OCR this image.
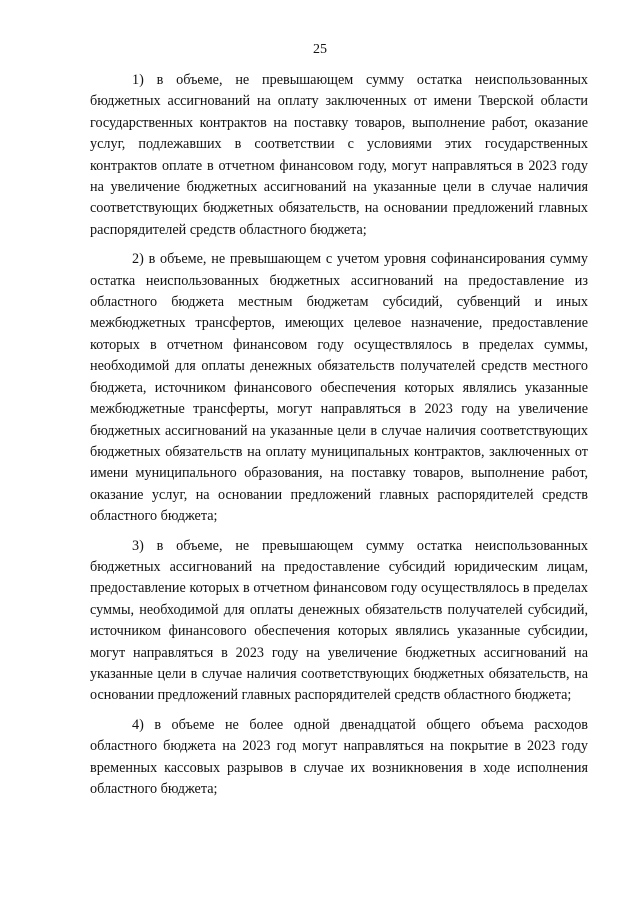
25

1) в объеме, не превышающем сумму остатка неиспользованных бюджетных ассигнований на оплату заключенных от имени Тверской области государственных контрактов на поставку товаров, выполнение работ, оказание услуг, подлежавших в соответствии с условиями этих государственных контрактов оплате в отчетном финансовом году, могут направляться в 2023 году на увеличение бюджетных ассигнований на указанные цели в случае наличия соответствующих бюджетных обязательств, на основании предложений главных распорядителей средств областного бюджета;

2) в объеме, не превышающем с учетом уровня софинансирования сумму остатка неиспользованных бюджетных ассигнований на предоставление из областного бюджета местным бюджетам субсидий, субвенций и иных межбюджетных трансфертов, имеющих целевое назначение, предоставление которых в отчетном финансовом году осуществлялось в пределах суммы, необходимой для оплаты денежных обязательств получателей средств местного бюджета, источником финансового обеспечения которых являлись указанные межбюджетные трансферты, могут направляться в 2023 году на увеличение бюджетных ассигнований на указанные цели в случае наличия соответствующих бюджетных обязательств на оплату муниципальных контрактов, заключенных от имени муниципального образования, на поставку товаров, выполнение работ, оказание услуг, на основании предложений главных распорядителей средств областного бюджета;

3) в объеме, не превышающем сумму остатка неиспользованных бюджетных ассигнований на предоставление субсидий юридическим лицам, предоставление которых в отчетном финансовом году осуществлялось в пределах суммы, необходимой для оплаты денежных обязательств получателей субсидий, источником финансового обеспечения которых являлись указанные субсидии, могут направляться в 2023 году на увеличение бюджетных ассигнований на указанные цели в случае наличия соответствующих бюджетных обязательств, на основании предложений главных распорядителей средств областного бюджета;

4) в объеме не более одной двенадцатой общего объема расходов областного бюджета на 2023 год могут направляться на покрытие в 2023 году временных кассовых разрывов в случае их возникновения в ходе исполнения областного бюджета;
